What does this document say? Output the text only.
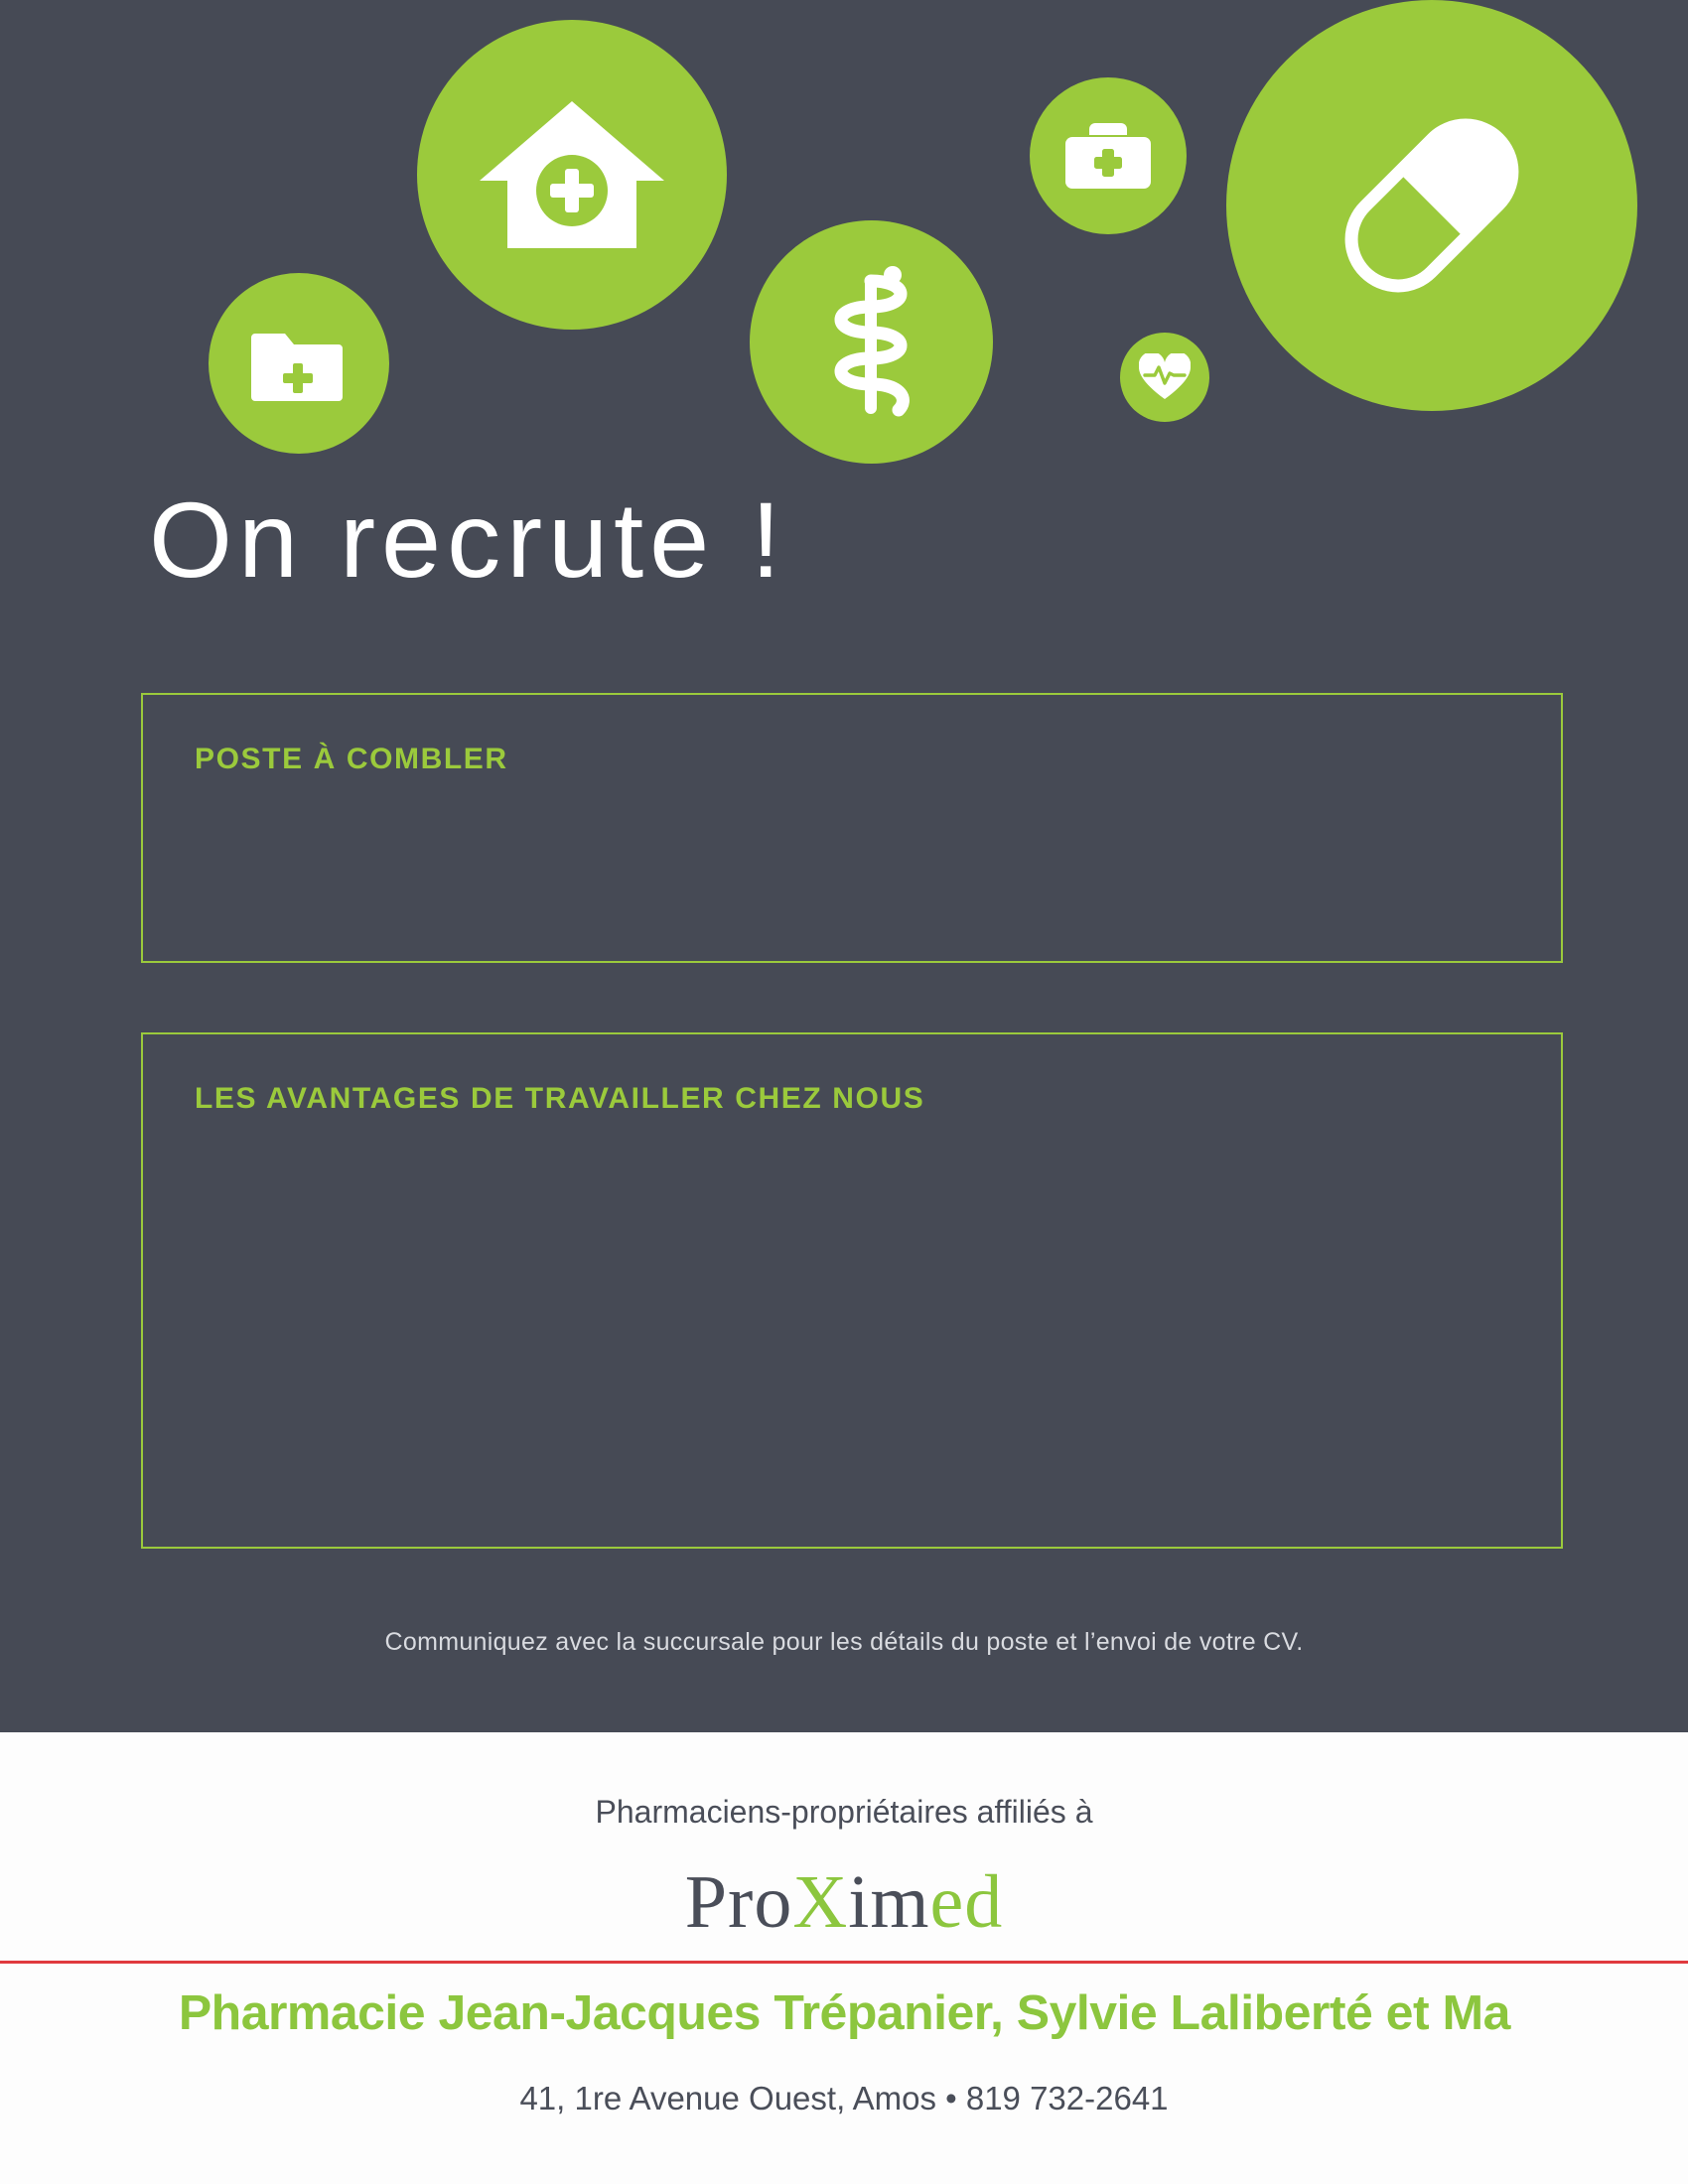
On recrute !
POSTE À COMBLER
LES AVANTAGES DE TRAVAILLER CHEZ NOUS
Communiquez avec la succursale pour les détails du poste et l’envoi de votre CV.
Pharmaciens-propriétaires affiliés à
ProXimed
Pharmacie Jean-Jacques Trépanier, Sylvie Laliberté et Ma
41, 1re Avenue Ouest, Amos • 819 732-2641
